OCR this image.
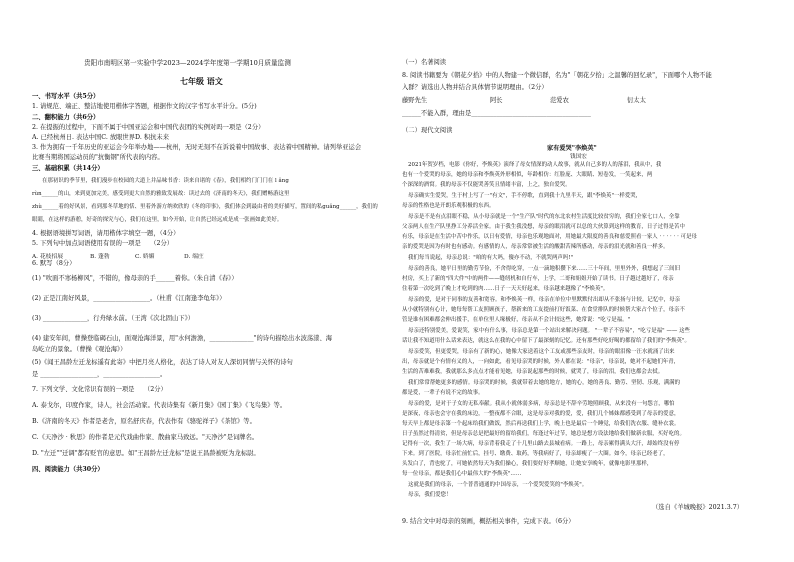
贵阳市南明区第一实验中学2023—2024学年度第一学期10月质量监测
七年级 语文
一、书写水平（共5分）
1. 请规范、端正、整洁地使用楷体字答题，根据作文的汉字书写水平计分。(5分)
二、翻积能力（共6分）
2. 在提振的过程中，下面不属于中国亚运会和中国代表团的实例对吗一项是（2分）
A. 已经杭州日. 表达中国C. 放眼世界D. 积抗未来
3. 作为拥有一千年历史的亚运会今年举办地——杭州，无时无刻不在诉说着中国故事、表达着中国精神。请列举亚运会
比赛当期将国运动员的"抗衡钢"所代表的内容。
三、基础积累（共14分）
在那初识的季节里，我们漫步在校园的大道上并品味书香：读来自诸的《春》，我们相约门门门在 l ǎng
rùn______的山，来到更加完美，感受到更大自然的雅致发展故：读过去的《济南的冬天》，我们赠畅游这里
zhù______着的好风景，看到那冬草地的恬、里着外游方纳欢欣的《冬的印事》，我们体会到最由者的美好描写，置间的私guǎng______，我们的
眼睛，在这样的游憩，好奇的探究与心，我们在这里，如今开始，让自然已经远成是成一张画如此美好。
4. 根据语境拼写词语，请用楷体字填空一题，（4分）
5. 下列句中加点词语使用有误的一项是　　（2分）
A. 花枝招展	B. 蓬勃	C. 娇媚	D. 端庄
6. 默写（8分）
(1) "吹面不寒杨柳风"，不错的，像母亲的手______着你。（朱自清《春》）
(2) 正是江南好风景，__________________。（杜甫《江南逢李龟年》）
(3) ______________，行舟绿水前。（王湾《次北固山下》）
(4) 建安年间，曹操登临碣石山，面观沧海洋景，用"水何澹澹，______________"的诗句描绘出水波荡漾、海
岛屹立的景象。（曹操《观沧海》）
(5)《闻王昌龄左迁龙标遥有此寄》中把月亮人格化，表达了诗人对友人深切同情与关怀的诗句
是 __________________，__________________。
7. 下列文学、文化常识有误的一项是　　（2分）
A. 泰戈尔，印度作家，诗人，社会活动家。代表诗集有《新月集》《园丁集》《飞鸟集》等。
B.《济南的冬天》作者是老舍，原名舒庆春，代表作有《骆驼祥子》《茶馆》等。
C.《天净沙 · 秋思》的作者是元代戏曲作家、散曲家马致远。"天净沙"是词牌名。
D. "左迁""迁调"都有贬官的意思。如"王昌龄左迁龙标"是说王昌龄被贬为龙标尉。
四、阅读能力（共30分）
（一）名著阅读
8. 阅读书籍要为《朝花夕拾》中的人物建一个微信群，名为"「朝花夕拾」之温馨的回忆录"，下面哪个人物不能
入群？请选出人物并结合具体情节说明理由。（2分）
藤野先生	阿长	范爱农	衍太太
______不能入群，理由是______________________________________
（二）现代文阅读
家有爱哭"李焕英"
钱国宏
2021年贺岁档，电影《你好，李焕英》演绎了母女情深的动人故事，就从自己多的人的落泪，我从中，我
也有一个爱哭的母亲，她的母亲和李焕英外形相似，年龄相仿：红脸庞、大眼睛、短卷发，一笑起来，两
个深深的酒窝。我的母亲不仅能哭善笑且情绪丰富，上之，独自爱哭。
母亲确实生爱哭，生于村上写了一"有文"，手不停歌，直到我十九里半天，跟"李焕英"一样爱哭，
母亲的性格也是开朗乐观积极的东西。
母亲是不是有点泪眼不稳，从小母亲就是一个"生产队"时代的东北农村生活度比较贫穷的，我们全家七口人，全靠
父亲两人在生产队里挣工分养活全家。由于我生我没想，母亲的眼泪就可以总的大伙算到这样的教育，日子过得是苦中
有乐，母亲是在生活中苦中作乐，以日有爱情，母亲也乐观地面对，用她最大限度的善良和慈爱照看一家人 · · · · · · 可是母
亲的爱哭是因为有时也有感动。有感情的人，母亲常常被生活的酸甜苦辣所感动，母亲的泪光就和善良一样多。
我们每当说起，母亲总说："咱的有大吗，傻亦不动，不就哭两声吗!"
母亲的善良，她平日里的勤劳节俭，不舍得吃穿，一点一滴地积攒下来……三十年间，里里外外，我想起了三间旧
村房，买上了新的"四大件"中的两件——缝纫机和自行车，上学，二哥和姐姐开始了读书。日子越过越好了，母亲
住着第一次吃到了晚上才吃到的肉……日子一天天好起来，母亲越来越像了"李焕英"。
母亲的爱，是对于同事的友善和宽容。和李焕英一样，母亲在单位中里默默付出却从不张扬与计较。记忆中，母亲
从小就特别有心计，她每每帮工友照顾孩子，帮新来的工友提前打好饭菜、在食堂排队的时候帮大家占个位子，母亲不
管是谁有困难都会伸出援手，在单位里人缘极好，母亲从不会计较这些，她常说："吃亏是福。"
母亲还特别爱美，爱说笑，家中有什么事，母亲总是第一个站出来解决问题。 "一辈子不容易"，"吃亏是福" —— 这些
话让我不知道用什么话来表达，就这么在我的心中留下了最深刻的记忆。还有那些好吃好喝的都留给了我们的"李焕英"。
母亲爱笑，但更爱哭，母亲有了新的心，她像大家送着这个工友或那些亲友时，母亲的眼泪像一汪水就涌了出来
出，母亲就是个有情有义的人，一向如此，看见母亲哭的时候，外人都在说："母亲"，母亲说，她对不起她们年青，
生活的苦难难我，我就那么多点点才能看见她，母亲说起那些的时候，就哭了，母亲的泪，我们也都会去拭。
我们常常帮她更多的感情。母亲哭的时候，我就带着去她的地方，她的心，她的善良、勤劳、坚韧、乐观，满满的
都是爱，一辈子有说不完的故事。
母亲的爱，是对于子女的无私奉献。我从小就体弱多病，母亲总是不辞辛劳地照顾我，从来没有一句怨言，哪怕
是深夜，母亲也会守在我的床边，一整夜都不合眼，这是母亲对我的爱，爱，我们几个姊妹都感受到了母亲的爱意，
每天早上都是母亲第一个起床给我们做饭，然后再送我们上学，晚上也是最后一个睡觉，给我们洗衣服、缝补衣裳。
日子虽然过得清贫，但是母亲总是把最好的留给我们，每逢过年过节，她总是想方设法地给我们做新衣服，买好吃的。
记得有一次，我生了一场大病，母亲背着我走了十几里山路去县城看病。一路上，母亲累得满头大汗，却始终没有停
下来。到了医院，母亲忙前忙后，挂号、缴费、取药，等我病好了，母亲却瘦了一大圈。如今，母亲已经老了，
头发白了，背也驼了，可她依然每天为我们操心，我们要好好孝顺她，让她安享晚年，就像电影里那样，
每一位母亲，都是我们心中最伟大的"李焕英"……
这就是我们的母亲，一个普普通通的中国母亲，一个爱哭爱笑的"李焕英"。
母亲，我们爱您！
（选自《羊城晚报》2021.3.7）
9. 结合文中对母亲的刻画，概括相关事件，完成下表。（6分）
